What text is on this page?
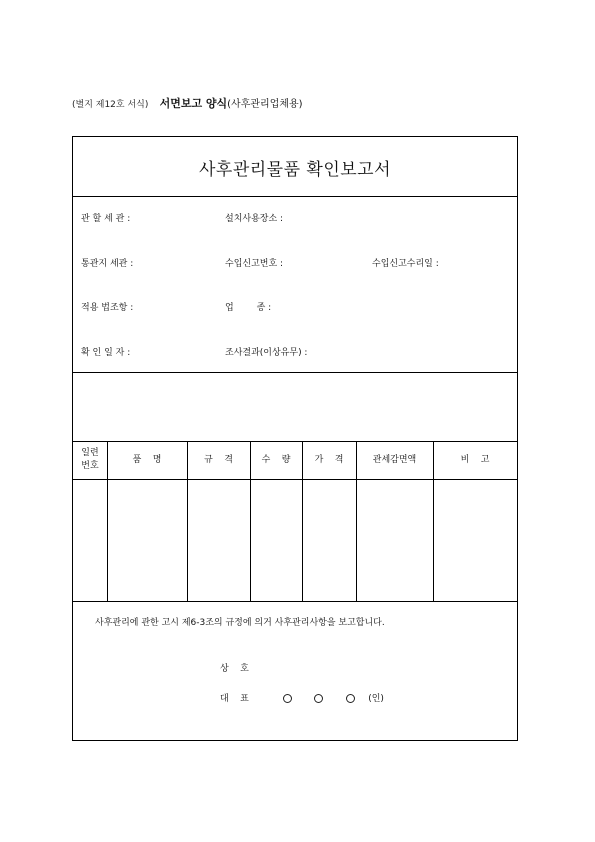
(별지 제12호 서식) 서면보고 양식(사후관리업체용)
사후관리물품 확인보고서
관 할 세 관 :	설치사용장소 :
통관지 세관 :	수입신고번호 :	수입신고수리일 :
적용 법조항 :	업        종 :
확 인 일 자 :	조사결과(이상유무) :
일련
번호
품    명	규    격	수    량	가    격	관세감면액	비    고
사후관리에 관한 고시 제6-3조의 규정에 의거 사후관리사항을 보고합니다.
상    호
대    표	(인)
